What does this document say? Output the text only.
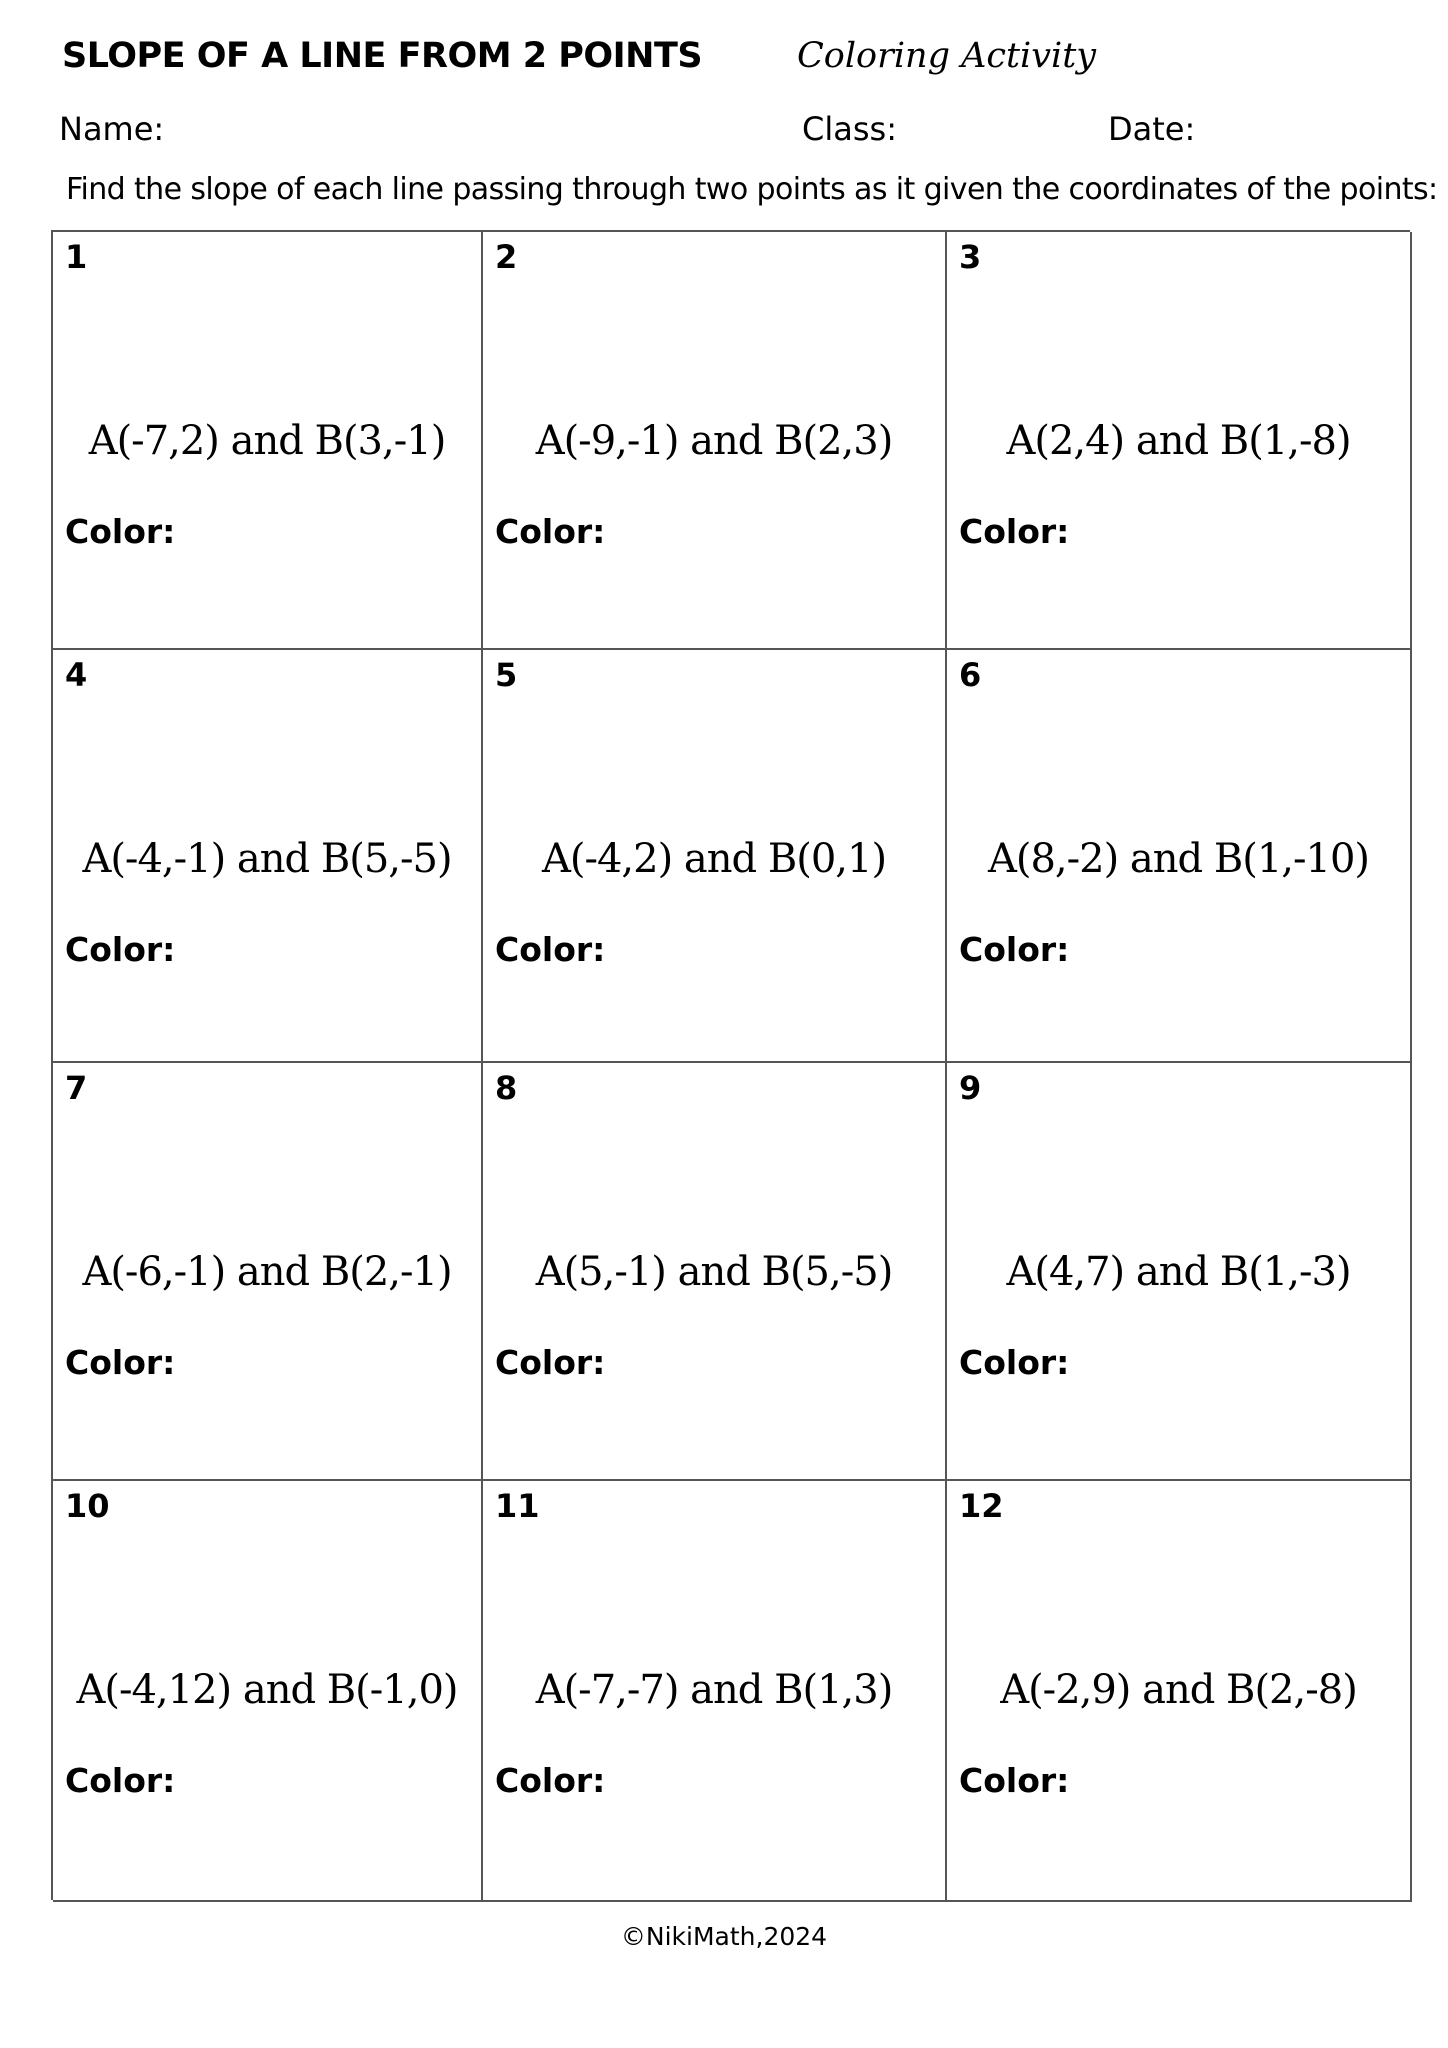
SLOPE OF A LINE FROM 2 POINTS	Coloring Activity
Name:	Class:	Date:
Find the slope of each line passing through two points as it given the coordinates of the points:
1
A(-7,2) and B(3,-1)
Color:
2
A(-9,-1) and B(2,3)
Color:
3
A(2,4) and B(1,-8)
Color:
4
A(-4,-1) and B(5,-5)
Color:
5
A(-4,2) and B(0,1)
Color:
6
A(8,-2) and B(1,-10)
Color:
7
A(-6,-1) and B(2,-1)
Color:
8
A(5,-1) and B(5,-5)
Color:
9
A(4,7) and B(1,-3)
Color:
10
A(-4,12) and B(-1,0)
Color:
11
A(-7,-7) and B(1,3)
Color:
12
A(-2,9) and B(2,-8)
Color:
©NikiMath,2024
